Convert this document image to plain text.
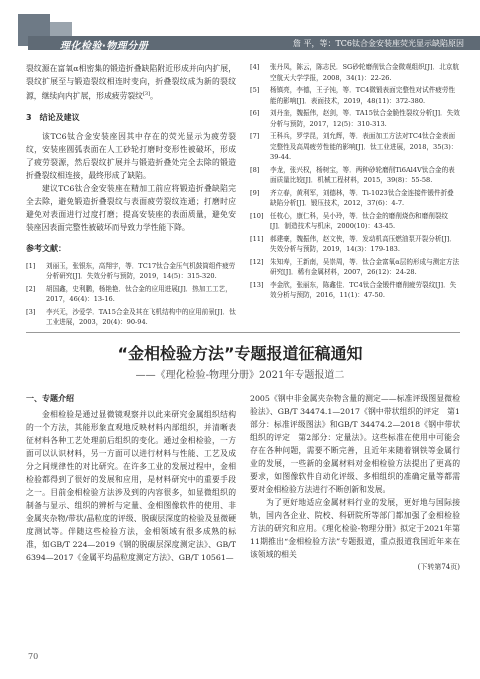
理化检验·物理分册	詹 平，等：TC6钛合金安装座荧光显示缺陷原因

裂纹源在富氧α相密集的锻造折叠缺陷附近形成并向内扩展，裂纹扩展至与锻造裂纹相连时变向，折叠裂纹成为新的裂纹源，继续向内扩展，形成疲劳裂纹[3]。

3　结论及建议

该TC6钛合金安装座因其中存在的荧光显示为疲劳裂纹，安装座圆弧表面在人工砂轮打磨时变形性被破坏，形成了疲劳裂源，然后裂纹扩展并与锻造折叠处完全去除的锻造折叠裂纹相连接，最终形成了缺陷。

建议TC6钛合金安装座在精加工前应将锻造折叠缺陷完全去除，避免锻造折叠裂纹与表面疲劳裂纹连通；打磨时应避免对表面进行过度打磨；提高安装座的表面质量，避免安装座因表面完整性被破坏而导致力学性能下降。

参考文献：
[1]	刘丽玉，张银东，高翔宇，等．TC17钛合金压气机鼓筒组件疲劳分析研究[J]．失效分析与预防，2019，14(5)：315-320.
[2]	胡国鑫，史利鹏，杨艳艳．钛合金的应用进展[J]．热加工工艺，2017，46(4)：13-16.
[3]	李兴无，沙爱学．TA15合金及其在飞机结构中的应用前景[J]．钛工业进展，2003，20(4)：90-94.
[4]	张丹凤，陈云，陈志民．SG砂轮磨削钛合金微观组织[J]．北京航空航天大学学报，2008，34(1)：22-26.
[5]	杨镇亮，李德，王子钝，等．TC4微锻表面完整性对试件疲劳性能的影响[J]．表面技术，2019，48(11)：372-380.
[6]	刘丹奎，魏振伟，赵剑，等．TA15钛合金脆性裂纹分析[J]．失效分析与预防，2017，12(5)：310-313.
[7]	王科兵，罗学昆，刘允辉，等．表面加工方法对TC4钛合金表面完整性及高周疲劳性能的影响[J]．钛工业进展，2018，35(3)：39-44.
[8]	李龙，张兴权，杨树宝，等．两种砂轮磨削Ti6Al4V钛合金的表面质量比较[J]．机械工程材料，2015，39(8)：55-58.
[9]	齐立春，黄利军，刘德林，等．Ti-1023钛合金连接件锻件折叠缺陷分析[J]．锻压技术，2012，37(6)：4-7.
[10] 任枚心，康仁科，吴小玲，等．钛合金的磨削烧伤和磨削裂纹[J]．制造技术与机床，2000(10)：43-45.
[11] 郝建豪，魏振伟，赵文侠，等．发动机高压燃油泵开裂分析[J]．失效分析与预防，2019，14(3)：179-183.
[12] 朱知寿，王新南，吴崇周，等．钛合金富氧α层的形成与测定方法研究[J]．稀有金属材料，2007，26(12)：24-28.
[13] 李金欣，张丽东，陈鑫佳．TC4钛合金锻件磨削疲劳裂纹[J]．失效分析与预防，2016，11(1)：47-50.
“金相检验方法”专题报道征稿通知
——《理化检验-物理分册》2021年专题报道二
一、专题介绍

金相检验是通过显微镜观察并以此来研究金属组织结构的一个方法，其能形象直观地反映材料内部组织，并清晰表征材料各种工艺处理前后组织的变化。通过金相检验，一方面可以认识材料，另一方面可以进行材料与性能、工艺及成分之间规律性的对比研究。在许多工业的发展过程中，金相检验都得到了很好的发展和应用，是材料研究中的重要手段之一。目前金相检验方法涉及到的内容很多，如显微组织的制备与显示、组织的辨析与定量、金相图像软件的使用、非金属夹杂物/带状/晶粒度的评级、脱碳层深度的检验及显微硬度测试等。伴随这些检验方法，金相领域有很多成熟的标准，如GB/T 224—2019《钢的脱碳层深度测定法》、GB/T 6394—2017《金属平均晶粒度测定方法》、GB/T 10561—

2005《钢中非金属夹杂物含量的测定——标准评级图显微检验法》、GB/T 34474.1—2017《钢中带状组织的评定　第1部分：标准评级图法》和GB/T 34474.2—2018《钢中带状组织的评定　第2部分：定量法》。这些标准在使用中可能会存在各种问题，需要不断完善，且近年来随着钢铁等金属行业的发展，一些新的金属材料对金相检验方法提出了更高的要求，如图像软件自动化评级、多相组织的准确定量等都需要对金相检验方法进行不断创新和发展。

为了更好地适应金属材料行业的发展，更好地与国际接轨，国内各企业、院校、科研院所等部门都加强了金相检验方法的研究和应用。《理化检验-物理分册》拟定于2021年第11期推出“金相检验方法”专题报道，重点报道我国近年来在该领域的相关

(下转第74页)
70
